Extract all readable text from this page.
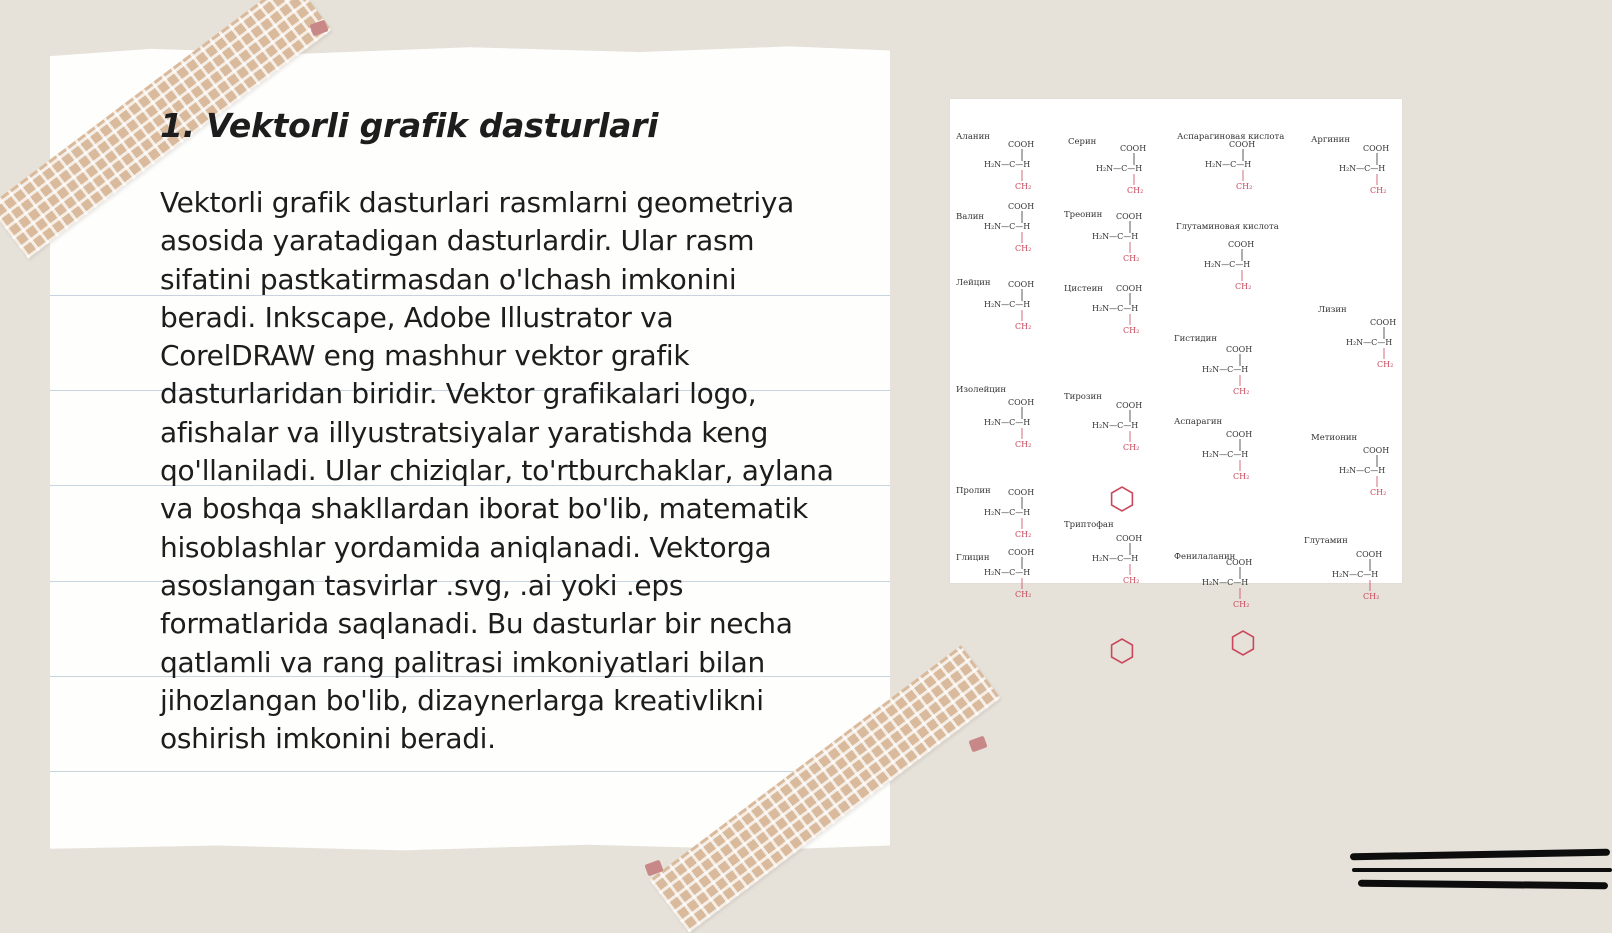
1. Vektorli grafik dasturlari

Vektorli grafik dasturlari rasmlarni geometriya asosida yaratadigan dasturlardir. Ular rasm sifatini pastkatirmasdan o'lchash imkonini beradi. Inkscape, Adobe Illustrator va CorelDRAW eng mashhur vektor grafik dasturlaridan biridir. Vektor grafikalari logo, afishalar va illyustratsiyalar yaratishda keng qo'llaniladi. Ular chiziqlar, to'rtburchaklar, aylana va boshqa shakllardan iborat bo'lib, matematik hisoblashlar yordamida aniqlanadi. Vektorga asoslangan tasvirlar .svg, .ai yoki .eps formatlarida saqlanadi. Bu dasturlar bir necha qatlamli va rang palitrasi imkoniyatlari bilan jihozlangan bo'lib, dizaynerlarga kreativlikni oshirish imkonini beradi.

Аланин
COOH
H₂N—C—H
CH₂
Серин
COOH
H₂N—C—H
CH₂
Аспарагиновая кислота
COOH
H₂N—C—H
CH₂
Аргинин
COOH
H₂N—C—H
CH₂
Валин
COOH
H₂N—C—H
CH₂
Треонин COOH
H₂N—C—H
CH₂
Глутаминовая кислота
COOH
H₂N—C—H
CH₂
Лейцин COOH
H₂N—C—H
CH₂
Цистеин COOH
H₂N—C—H
CH₂
Гистидин
COOH
H₂N—C—H
CH₂
Лизин
COOH
H₂N—C—H
CH₂
Изолейцин
COOH
H₂N—C—H
CH₂
Тирозин
COOH
H₂N—C—H
CH₂
Аспарагин
COOH
H₂N—C—H
CH₂
Метионин
COOH
H₂N—C—H
CH₂
Пролин COOH
H₂N—C—H
CH₂
Триптофан
COOH
H₂N—C—H
CH₂
Фенилаланин
COOH
H₂N—C—H
CH₂
Глицин
COOH
H₂N—C—H
CH₂
Глутамин
COOH
H₂N—C—H
CH₂
